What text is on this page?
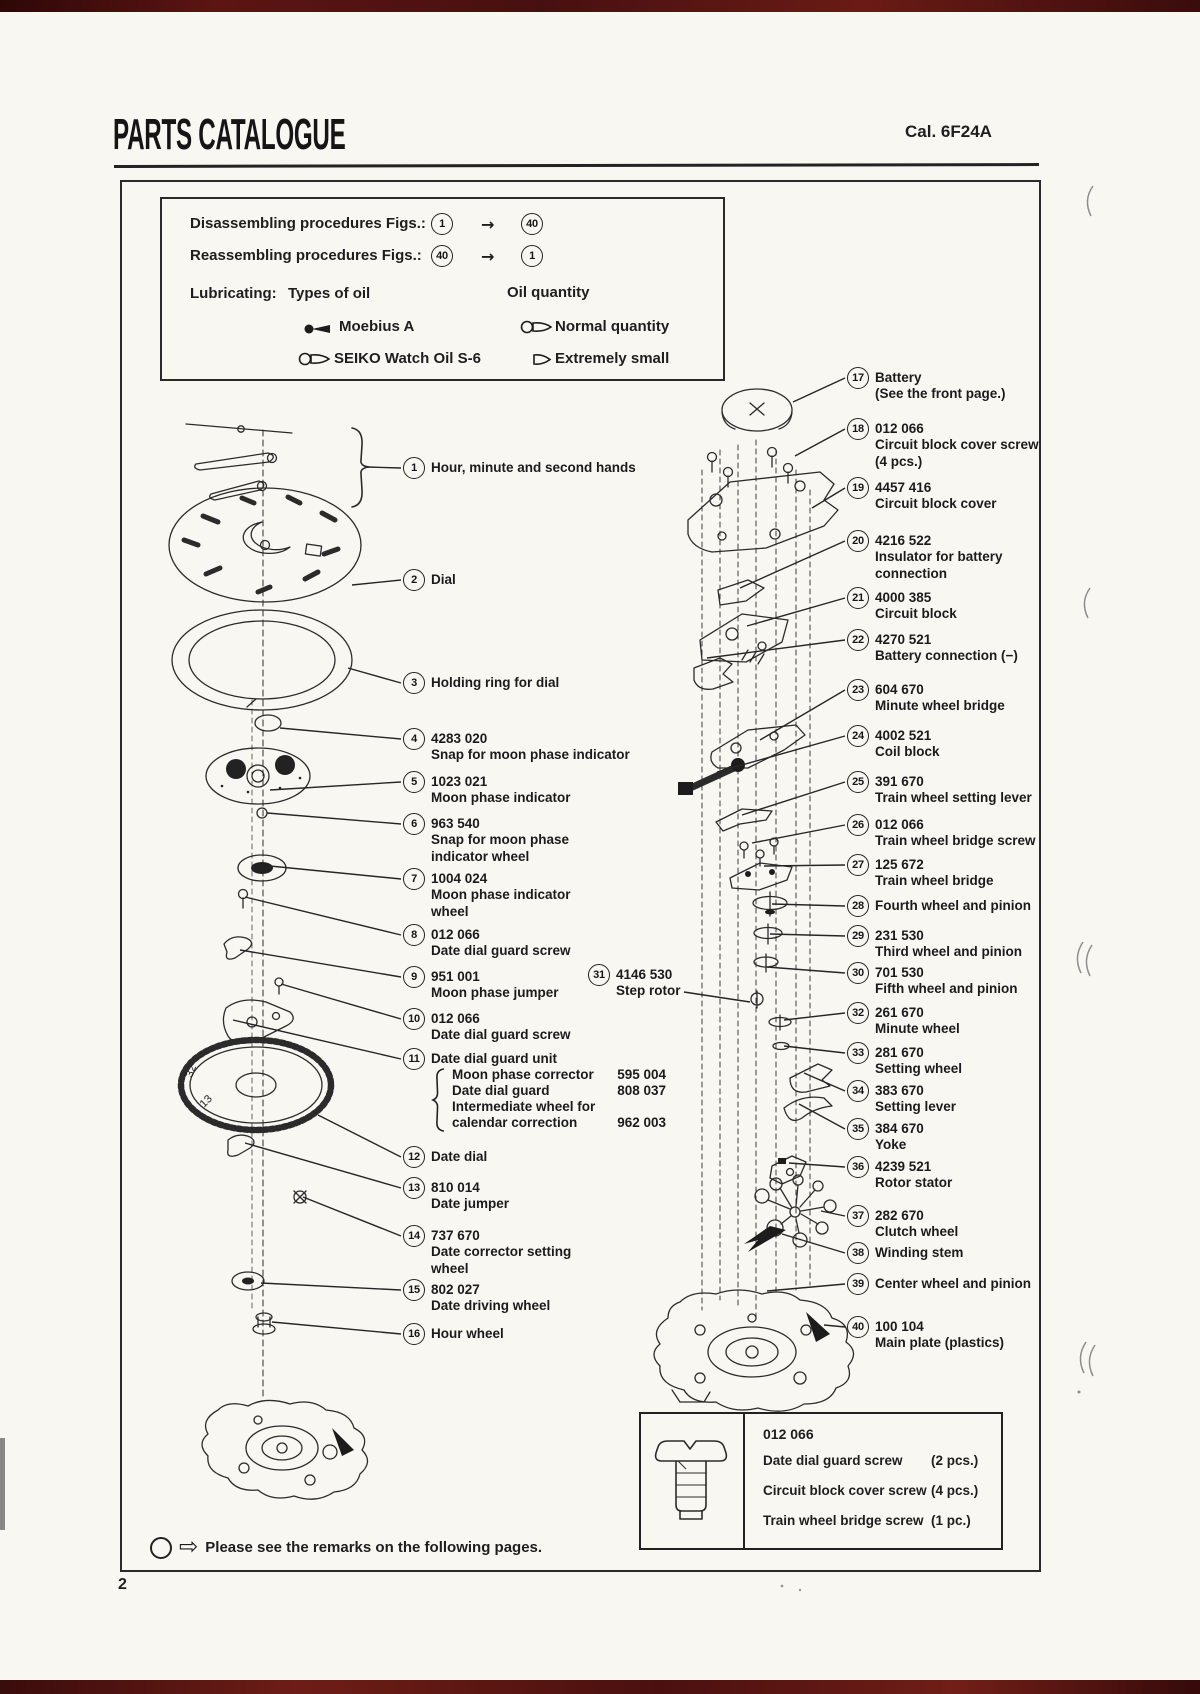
PARTS CATALOGUE	Cal. 6F24A
Disassembling procedures Figs.:	1	→	40
Reassembling procedures Figs.:	40	→	1
Lubricating: Types of oil	Oil quantity
Moebius A	Normal quantity
SEIKO Watch Oil S-6	Extremely small
32
13
1	Hour, minute and second hands
2	Dial
3	Holding ring for dial
4	4283 020
Snap for moon phase indicator
5	1023 021
Moon phase indicator
6	963 540
Snap for moon phase
indicator wheel
7	1004 024
Moon phase indicator
wheel
8	012 066
Date dial guard screw
9	951 001
Moon phase jumper
10 012 066
Date dial guard screw
11 Date dial guard unit
Moon phase corrector 595 004
Date dial guard	808 037
Intermediate wheel for
calendar correction	962 003
12 Date dial
13 810 014
Date jumper
14 737 670
Date corrector setting
wheel
15 802 027
Date driving wheel
16 Hour wheel
31 4146 530
Step rotor
17 Battery
(See the front page.)
18 012 066
Circuit block cover screw
(4 pcs.)
19 4457 416
Circuit block cover
20 4216 522
Insulator for battery
connection
21 4000 385
Circuit block
22 4270 521
Battery connection (−)
23 604 670
Minute wheel bridge
24 4002 521
Coil block
25 391 670
Train wheel setting lever
26 012 066
Train wheel bridge screw
27 125 672
Train wheel bridge
28 Fourth wheel and pinion
29 231 530
Third wheel and pinion
30 701 530
Fifth wheel and pinion
32 261 670
Minute wheel
33 281 670
Setting wheel
34 383 670
Setting lever
35 384 670
Yoke
36 4239 521
Rotor stator
37 282 670
Clutch wheel
38 Winding stem
39 Center wheel and pinion
40 100 104
Main plate (plastics)
012 066
Date dial guard screw (2 pcs.)
Circuit block cover screw (4 pcs.)
Train wheel bridge screw (1 pc.)
⇨ Please see the remarks on the following pages.
2
